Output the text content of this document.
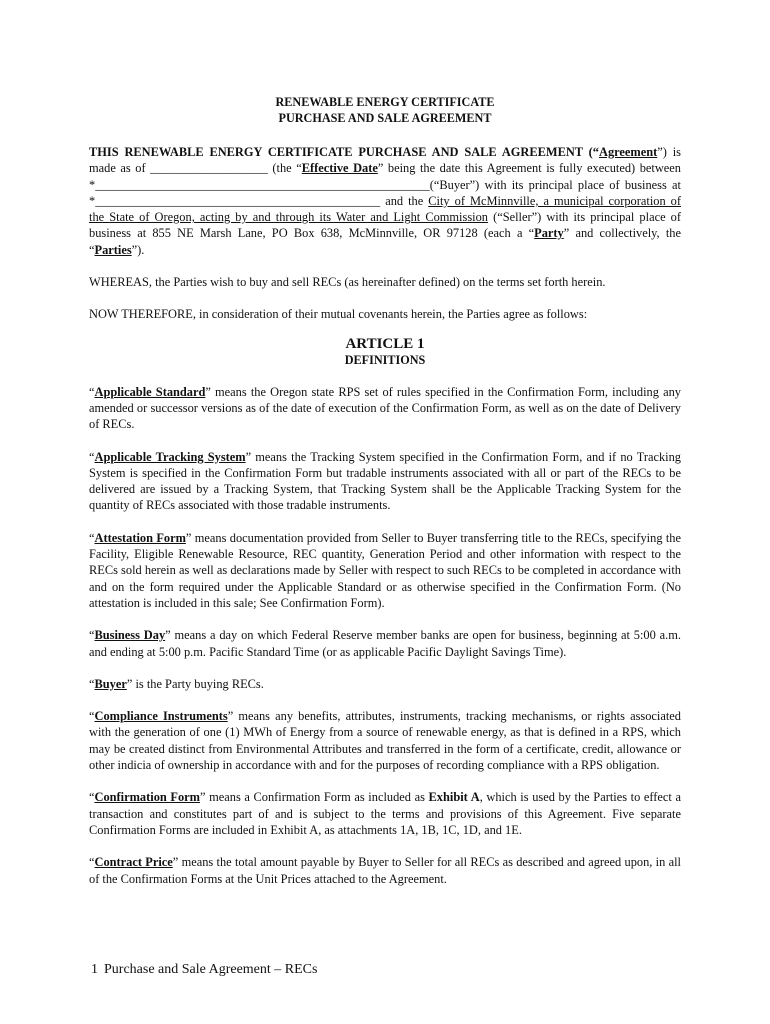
RENEWABLE ENERGY CERTIFICATE
PURCHASE AND SALE AGREEMENT

THIS RENEWABLE ENERGY CERTIFICATE PURCHASE AND SALE AGREEMENT (“Agreement”) is made as of ___________________ (the “Effective Date” being the date this Agreement is fully executed) between *______________________________________________________(“Buyer”) with its principal place of business at *______________________________________________ and the City of McMinnville, a municipal corporation of the State of Oregon, acting by and through its Water and Light Commission (“Seller”) with its principal place of business at 855 NE Marsh Lane, PO Box 638, McMinnville, OR 97128 (each a “Party” and collectively, the “Parties”).

WHEREAS, the Parties wish to buy and sell RECs (as hereinafter defined) on the terms set forth herein.

NOW THEREFORE, in consideration of their mutual covenants herein, the Parties agree as follows:

ARTICLE 1
DEFINITIONS

“Applicable Standard” means the Oregon state RPS set of rules specified in the Confirmation Form, including any amended or successor versions as of the date of execution of the Confirmation Form, as well as on the date of Delivery of RECs.

“Applicable Tracking System” means the Tracking System specified in the Confirmation Form, and if no Tracking System is specified in the Confirmation Form but tradable instruments associated with all or part of the RECs to be delivered are issued by a Tracking System, that Tracking System shall be the Applicable Tracking System for the quantity of RECs associated with those tradable instruments.

“Attestation Form” means documentation provided from Seller to Buyer transferring title to the RECs, specifying the Facility, Eligible Renewable Resource, REC quantity, Generation Period and other information with respect to the RECs sold herein as well as declarations made by Seller with respect to such RECs to be completed in accordance with and on the form required under the Applicable Standard or as otherwise specified in the Confirmation Form. (No attestation is included in this sale; See Confirmation Form).

“Business Day” means a day on which Federal Reserve member banks are open for business, beginning at 5:00 a.m. and ending at 5:00 p.m. Pacific Standard Time (or as applicable Pacific Daylight Savings Time).

“Buyer” is the Party buying RECs.

“Compliance Instruments” means any benefits, attributes, instruments, tracking mechanisms, or rights associated with the generation of one (1) MWh of Energy from a source of renewable energy, as that is defined in a RPS, which may be created distinct from Environmental Attributes and transferred in the form of a certificate, credit, allowance or other indicia of ownership in accordance with and for the purposes of recording compliance with a RPS obligation.

“Confirmation Form” means a Confirmation Form as included as Exhibit A, which is used by the Parties to effect a transaction and constitutes part of and is subject to the terms and provisions of this Agreement. Five separate Confirmation Forms are included in Exhibit A, as attachments 1A, 1B, 1C, 1D, and 1E.

“Contract Price” means the total amount payable by Buyer to Seller for all RECs as described and agreed upon, in all of the Confirmation Forms at the Unit Prices attached to the Agreement.

1 Purchase and Sale Agreement – RECs
